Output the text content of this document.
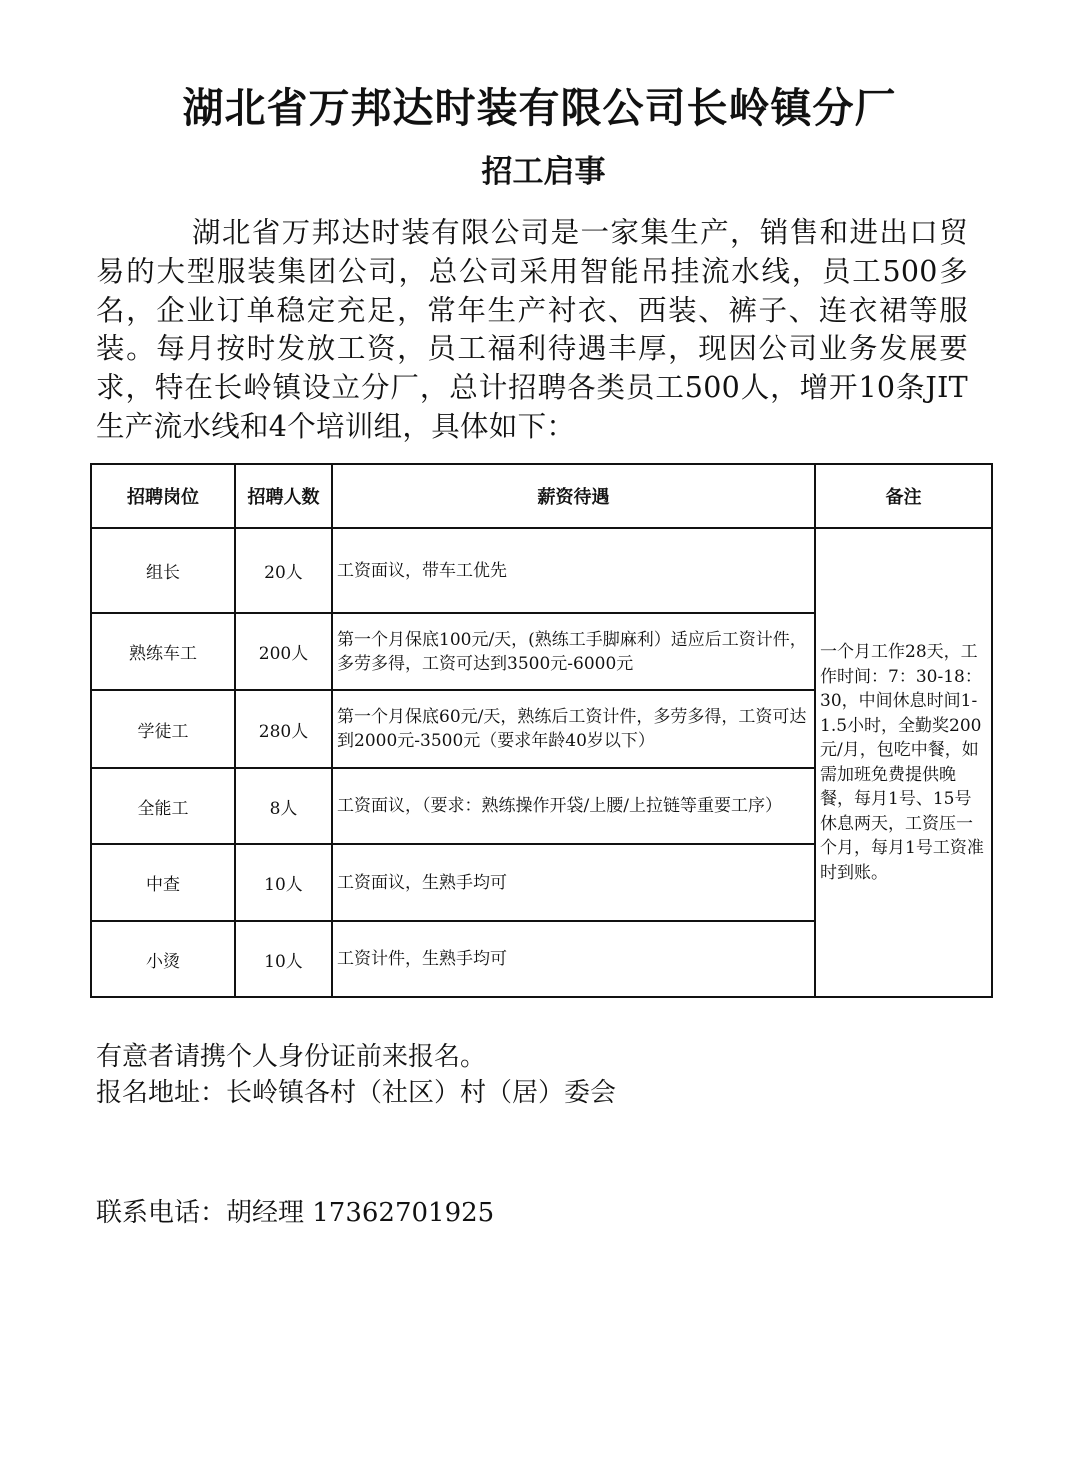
湖北省万邦达时装有限公司长岭镇分厂
招工启事

湖北省万邦达时装有限公司是一家集生产，销售和进出口贸易的大型服装集团公司，总公司采用智能吊挂流水线，员工500多名，企业订单稳定充足，常年生产衬衣、西装、裤子、连衣裙等服装。每月按时发放工资，员工福利待遇丰厚，现因公司业务发展要求，特在长岭镇设立分厂，总计招聘各类员工500人，增开10条JIT生产流水线和4个培训组，具体如下：

招聘岗位	招聘人数	薪资待遇	备注
组长	20人	工资面议，带车工优先	一个月工作28天，工作时间：7：30-18：30，中间休息时间1-1.5小时，全勤奖200元/月，包吃中餐，如需加班免费提供晚餐，每月1号、15号休息两天，工资压一个月，每月1号工资准时到账。
熟练车工	200人	第一个月保底100元/天，(熟练工手脚麻利）适应后工资计件，多劳多得，工资可达到3500元-6000元	
学徒工	280人	第一个月保底60元/天，熟练后工资计件，多劳多得，工资可达到2000元-3500元（要求年龄40岁以下）	
全能工	8人	工资面议，（要求：熟练操作开袋/上腰/上拉链等重要工序）	
中查	10人	工资面议，生熟手均可	
小烫	10人	工资计件，生熟手均可	

有意者请携个人身份证前来报名。

报名地址：长岭镇各村（社区）村（居）委会

联系电话：胡经理 17362701925
